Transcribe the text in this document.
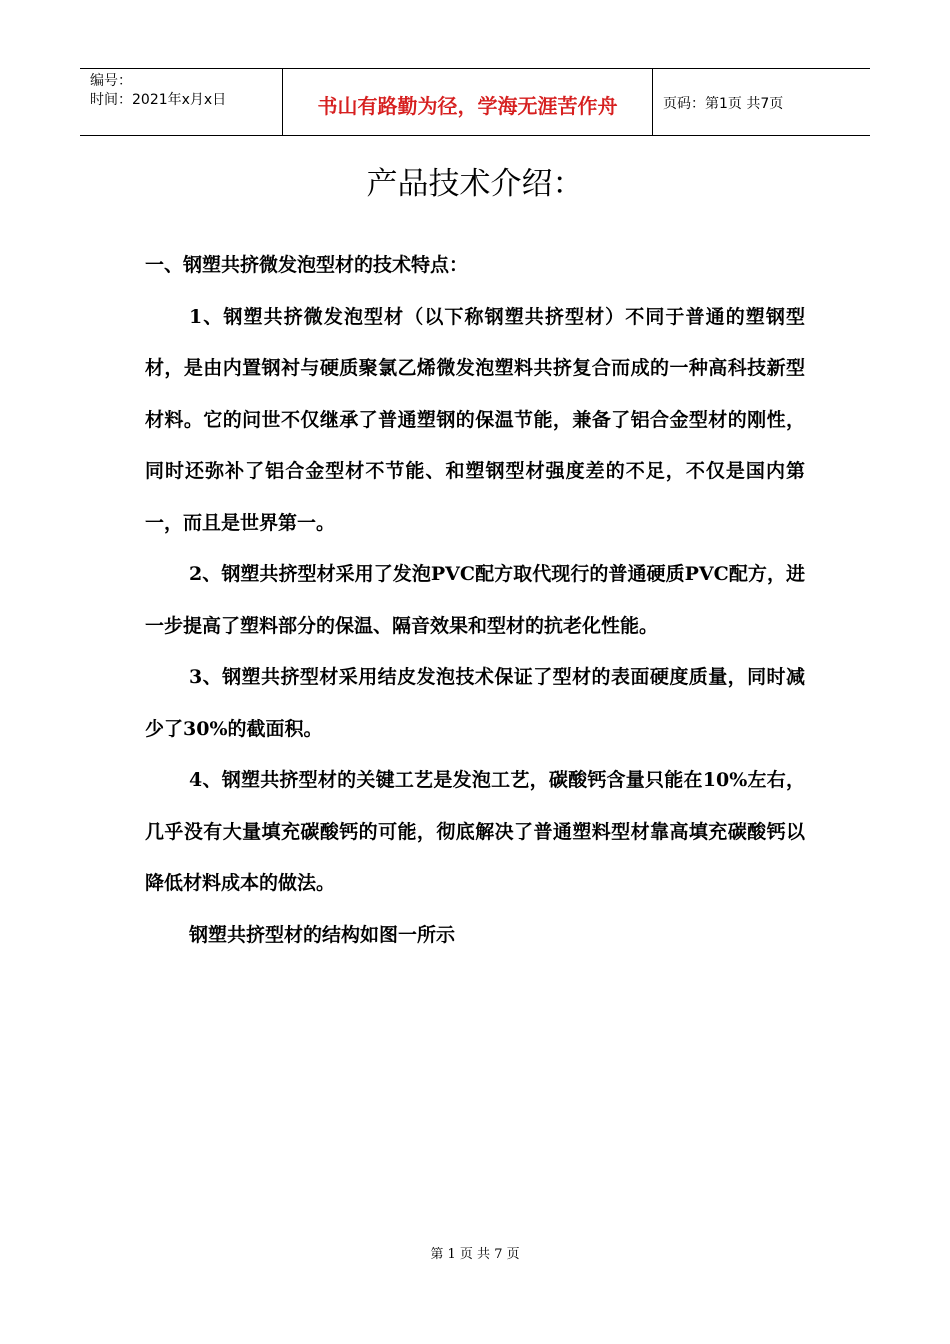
编号：
时间：2021年x月x日	书山有路勤为径，学海无涯苦作舟	页码：第1页 共7页
产品技术介绍：

一、钢塑共挤微发泡型材的技术特点：

1、钢塑共挤微发泡型材（以下称钢塑共挤型材）不同于普通的塑钢型材，是由内置钢衬与硬质聚氯乙烯微发泡塑料共挤复合而成的一种高科技新型材料。它的问世不仅继承了普通塑钢的保温节能，兼备了铝合金型材的刚性，同时还弥补了铝合金型材不节能、和塑钢型材强度差的不足，不仅是国内第一，而且是世界第一。

2、钢塑共挤型材采用了发泡PVC配方取代现行的普通硬质PVC配方，进一步提高了塑料部分的保温、隔音效果和型材的抗老化性能。

3、钢塑共挤型材采用结皮发泡技术保证了型材的表面硬度质量，同时减少了30%的截面积。

4、钢塑共挤型材的关键工艺是发泡工艺，碳酸钙含量只能在10%左右，几乎没有大量填充碳酸钙的可能，彻底解决了普通塑料型材靠高填充碳酸钙以降低材料成本的做法。

钢塑共挤型材的结构如图一所示

第 1 页 共 7 页
